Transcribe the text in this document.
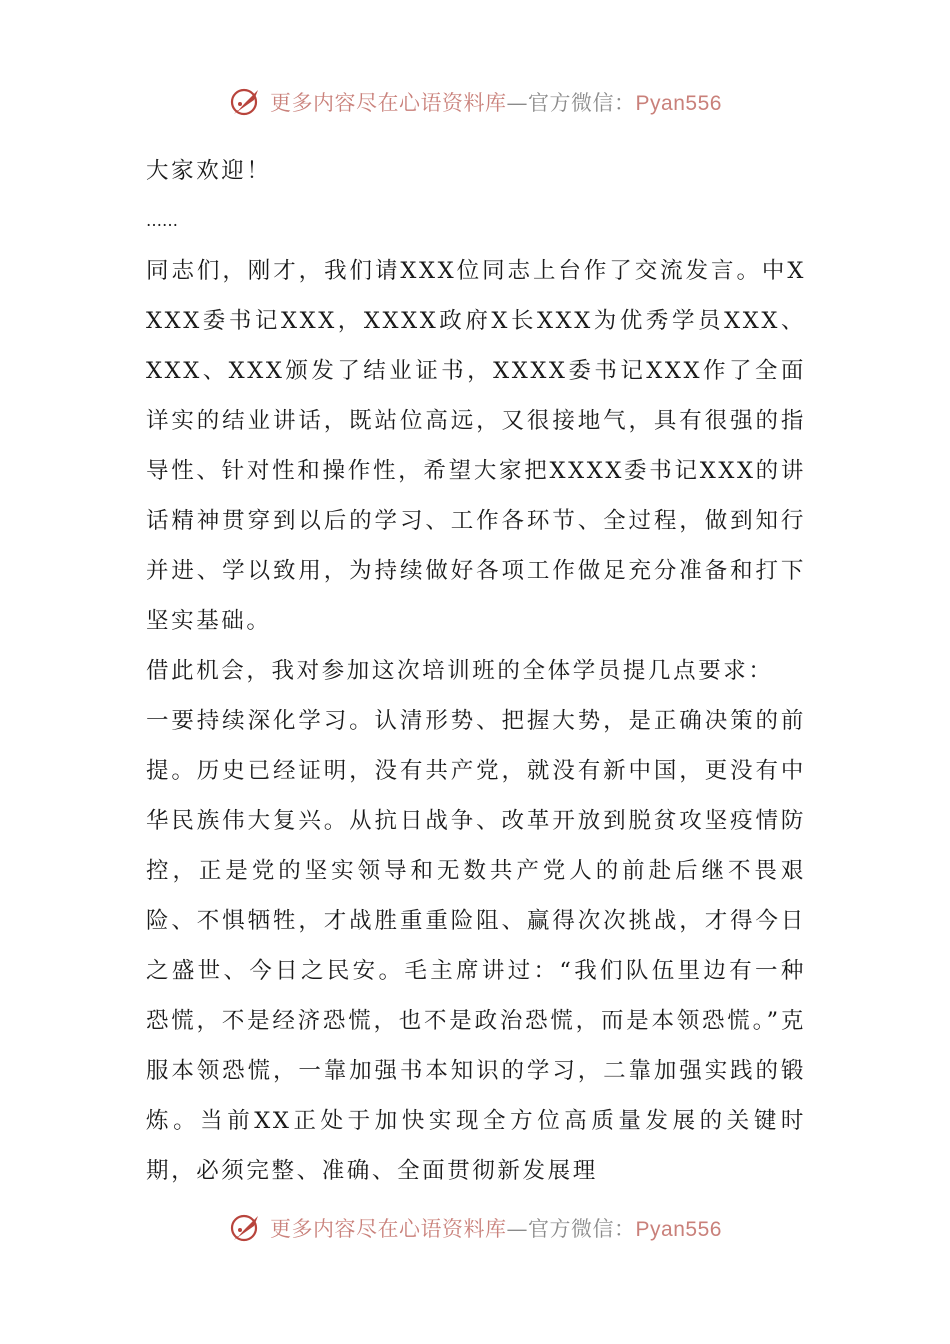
更多内容尽在心语资料库—官方微信：Pyan556

大家欢迎！

……

同志们，刚才，我们请XXX位同志上台作了交流发言。中XXXX委书记XXX，XXXX政府X长XXX为优秀学员XXX、XXX、XXX颁发了结业证书，XXXX委书记XXX作了全面详实的结业讲话，既站位高远，又很接地气，具有很强的指导性、针对性和操作性，希望大家把XXXX委书记XXX的讲话精神贯穿到以后的学习、工作各环节、全过程，做到知行并进、学以致用，为持续做好各项工作做足充分准备和打下坚实基础。

借此机会，我对参加这次培训班的全体学员提几点要求：

一要持续深化学习。认清形势、把握大势，是正确决策的前提。历史已经证明，没有共产党，就没有新中国，更没有中华民族伟大复兴。从抗日战争、改革开放到脱贫攻坚疫情防控，正是党的坚实领导和无数共产党人的前赴后继不畏艰险、不惧牺牲，才战胜重重险阻、赢得次次挑战，才得今日之盛世、今日之民安。毛主席讲过：“我们队伍里边有一种恐慌，不是经济恐慌，也不是政治恐慌，而是本领恐慌。”克服本领恐慌，一靠加强书本知识的学习，二靠加强实践的锻炼。当前XX正处于加快实现全方位高质量发展的关键时期，必须完整、准确、全面贯彻新发展理

更多内容尽在心语资料库—官方微信：Pyan556
